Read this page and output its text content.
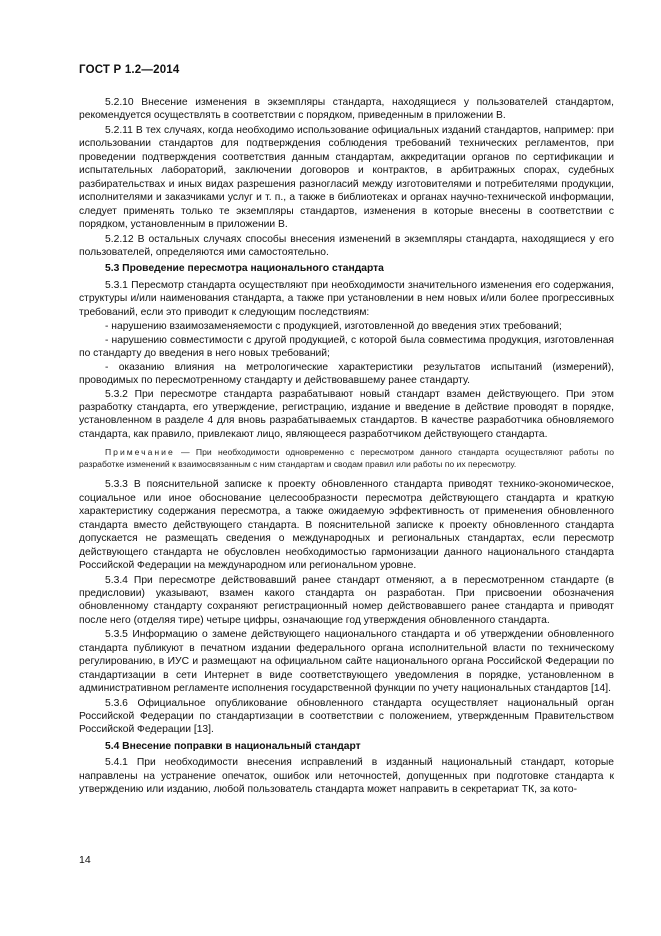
ГОСТ Р 1.2—2014

5.2.10 Внесение изменения в экземпляры стандарта, находящиеся у пользователей стандартом, рекомендуется осуществлять в соответствии с порядком, приведенным в приложении В.

5.2.11 В тех случаях, когда необходимо использование официальных изданий стандартов, например: при использовании стандартов для подтверждения соблюдения требований технических регламентов, при проведении подтверждения соответствия данным стандартам, аккредитации органов по сертификации и испытательных лабораторий, заключении договоров и контрактов, в арбитражных спорах, судебных разбирательствах и иных видах разрешения разногласий между изготовителями и потребителями продукции, исполнителями и заказчиками услуг и т. п., а также в библиотеках и органах научно-технической информации, следует применять только те экземпляры стандартов, изменения в которые внесены в соответствии с порядком, установленным в приложении В.

5.2.12 В остальных случаях способы внесения изменений в экземпляры стандарта, находящиеся у его пользователей, определяются ими самостоятельно.

5.3 Проведение пересмотра национального стандарта

5.3.1 Пересмотр стандарта осуществляют при необходимости значительного изменения его содержания, структуры и/или наименования стандарта, а также при установлении в нем новых и/или более прогрессивных требований, если это приводит к следующим последствиям:

- нарушению взаимозаменяемости с продукцией, изготовленной до введения этих требований;

- нарушению совместимости с другой продукцией, с которой была совместима продукция, изготовленная по стандарту до введения в него новых требований;

- оказанию влияния на метрологические характеристики результатов испытаний (измерений), проводимых по пересмотренному стандарту и действовавшему ранее стандарту.

5.3.2 При пересмотре стандарта разрабатывают новый стандарт взамен действующего. При этом разработку стандарта, его утверждение, регистрацию, издание и введение в действие проводят в порядке, установленном в разделе 4 для вновь разрабатываемых стандартов. В качестве разработчика обновляемого стандарта, как правило, привлекают лицо, являющееся разработчиком действующего стандарта.

Примечание — При необходимости одновременно с пересмотром данного стандарта осуществляют работы по разработке изменений к взаимосвязанным с ним стандартам и сводам правил или работы по их пересмотру.

5.3.3 В пояснительной записке к проекту обновленного стандарта приводят технико-экономическое, социальное или иное обоснование целесообразности пересмотра действующего стандарта и краткую характеристику содержания пересмотра, а также ожидаемую эффективность от применения обновленного стандарта вместо действующего стандарта. В пояснительной записке к проекту обновленного стандарта допускается не размещать сведения о международных и региональных стандартах, если пересмотр действующего стандарта не обусловлен необходимостью гармонизации данного национального стандарта Российской Федерации на международном или региональном уровне.

5.3.4 При пересмотре действовавший ранее стандарт отменяют, а в пересмотренном стандарте (в предисловии) указывают, взамен какого стандарта он разработан. При присвоении обозначения обновленному стандарту сохраняют регистрационный номер действовавшего ранее стандарта и приводят после него (отделяя тире) четыре цифры, означающие год утверждения обновленного стандарта.

5.3.5 Информацию о замене действующего национального стандарта и об утверждении обновленного стандарта публикуют в печатном издании федерального органа исполнительной власти по техническому регулированию, в ИУС и размещают на официальном сайте национального органа Российской Федерации по стандартизации в сети Интернет в виде соответствующего уведомления в порядке, установленном в административном регламенте исполнения государственной функции по учету национальных стандартов [14].

5.3.6 Официальное опубликование обновленного стандарта осуществляет национальный орган Российской Федерации по стандартизации в соответствии с положением, утвержденным Правительством Российской Федерации [13].

5.4 Внесение поправки в национальный стандарт

5.4.1 При необходимости внесения исправлений в изданный национальный стандарт, которые направлены на устранение опечаток, ошибок или неточностей, допущенных при подготовке стандарта к утверждению или изданию, любой пользователь стандарта может направить в секретариат ТК, за кото-

14
